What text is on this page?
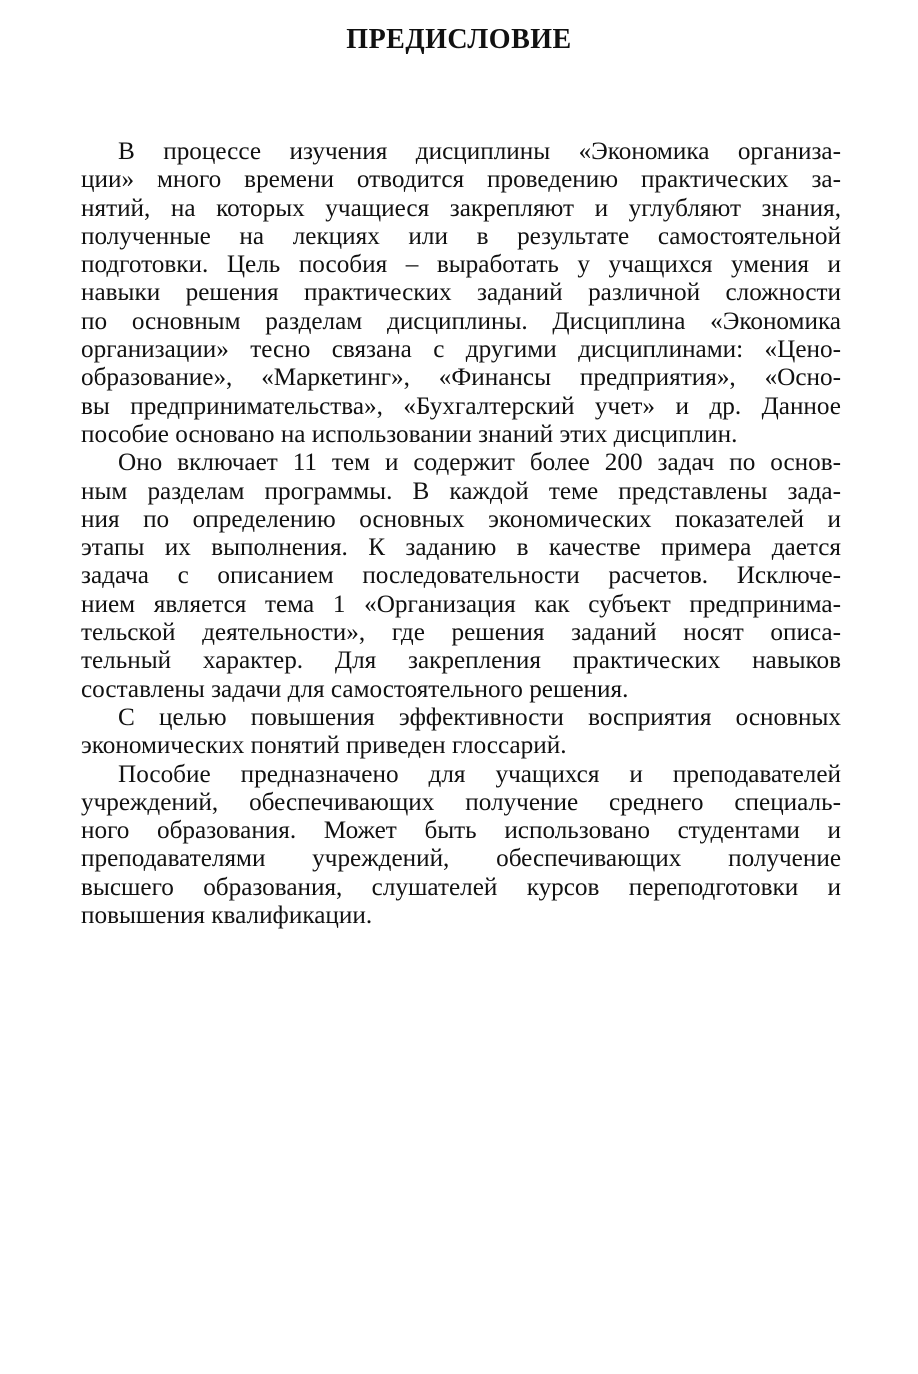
ПРЕДИСЛОВИЕ
В процессе изучения дисциплины «Экономика организа-
ции» много времени отводится проведению практических за-
нятий, на которых учащиеся закрепляют и углубляют знания,
полученные на лекциях или в результате самостоятельной
подготовки. Цель пособия – выработать у учащихся умения и
навыки решения практических заданий различной сложности
по основным разделам дисциплины. Дисциплина «Экономика
организации» тесно связана с другими дисциплинами: «Цено-
образование», «Маркетинг», «Финансы предприятия», «Осно-
вы предпринимательства», «Бухгалтерский учет» и др. Данное
пособие основано на использовании знаний этих дисциплин.
Оно включает 11 тем и содержит более 200 задач по основ-
ным разделам программы. В каждой теме представлены зада-
ния по определению основных экономических показателей и
этапы их выполнения. К заданию в качестве примера дается
задача с описанием последовательности расчетов. Исключе-
нием является тема 1 «Организация как субъект предпринима-
тельской деятельности», где решения заданий носят описа-
тельный характер. Для закрепления практических навыков
составлены задачи для самостоятельного решения.
С целью повышения эффективности восприятия основных
экономических понятий приведен глоссарий.
Пособие предназначено для учащихся и преподавателей
учреждений, обеспечивающих получение среднего специаль-
ного образования. Может быть использовано студентами и
преподавателями учреждений, обеспечивающих получение
высшего образования, слушателей курсов переподготовки и
повышения квалификации.
